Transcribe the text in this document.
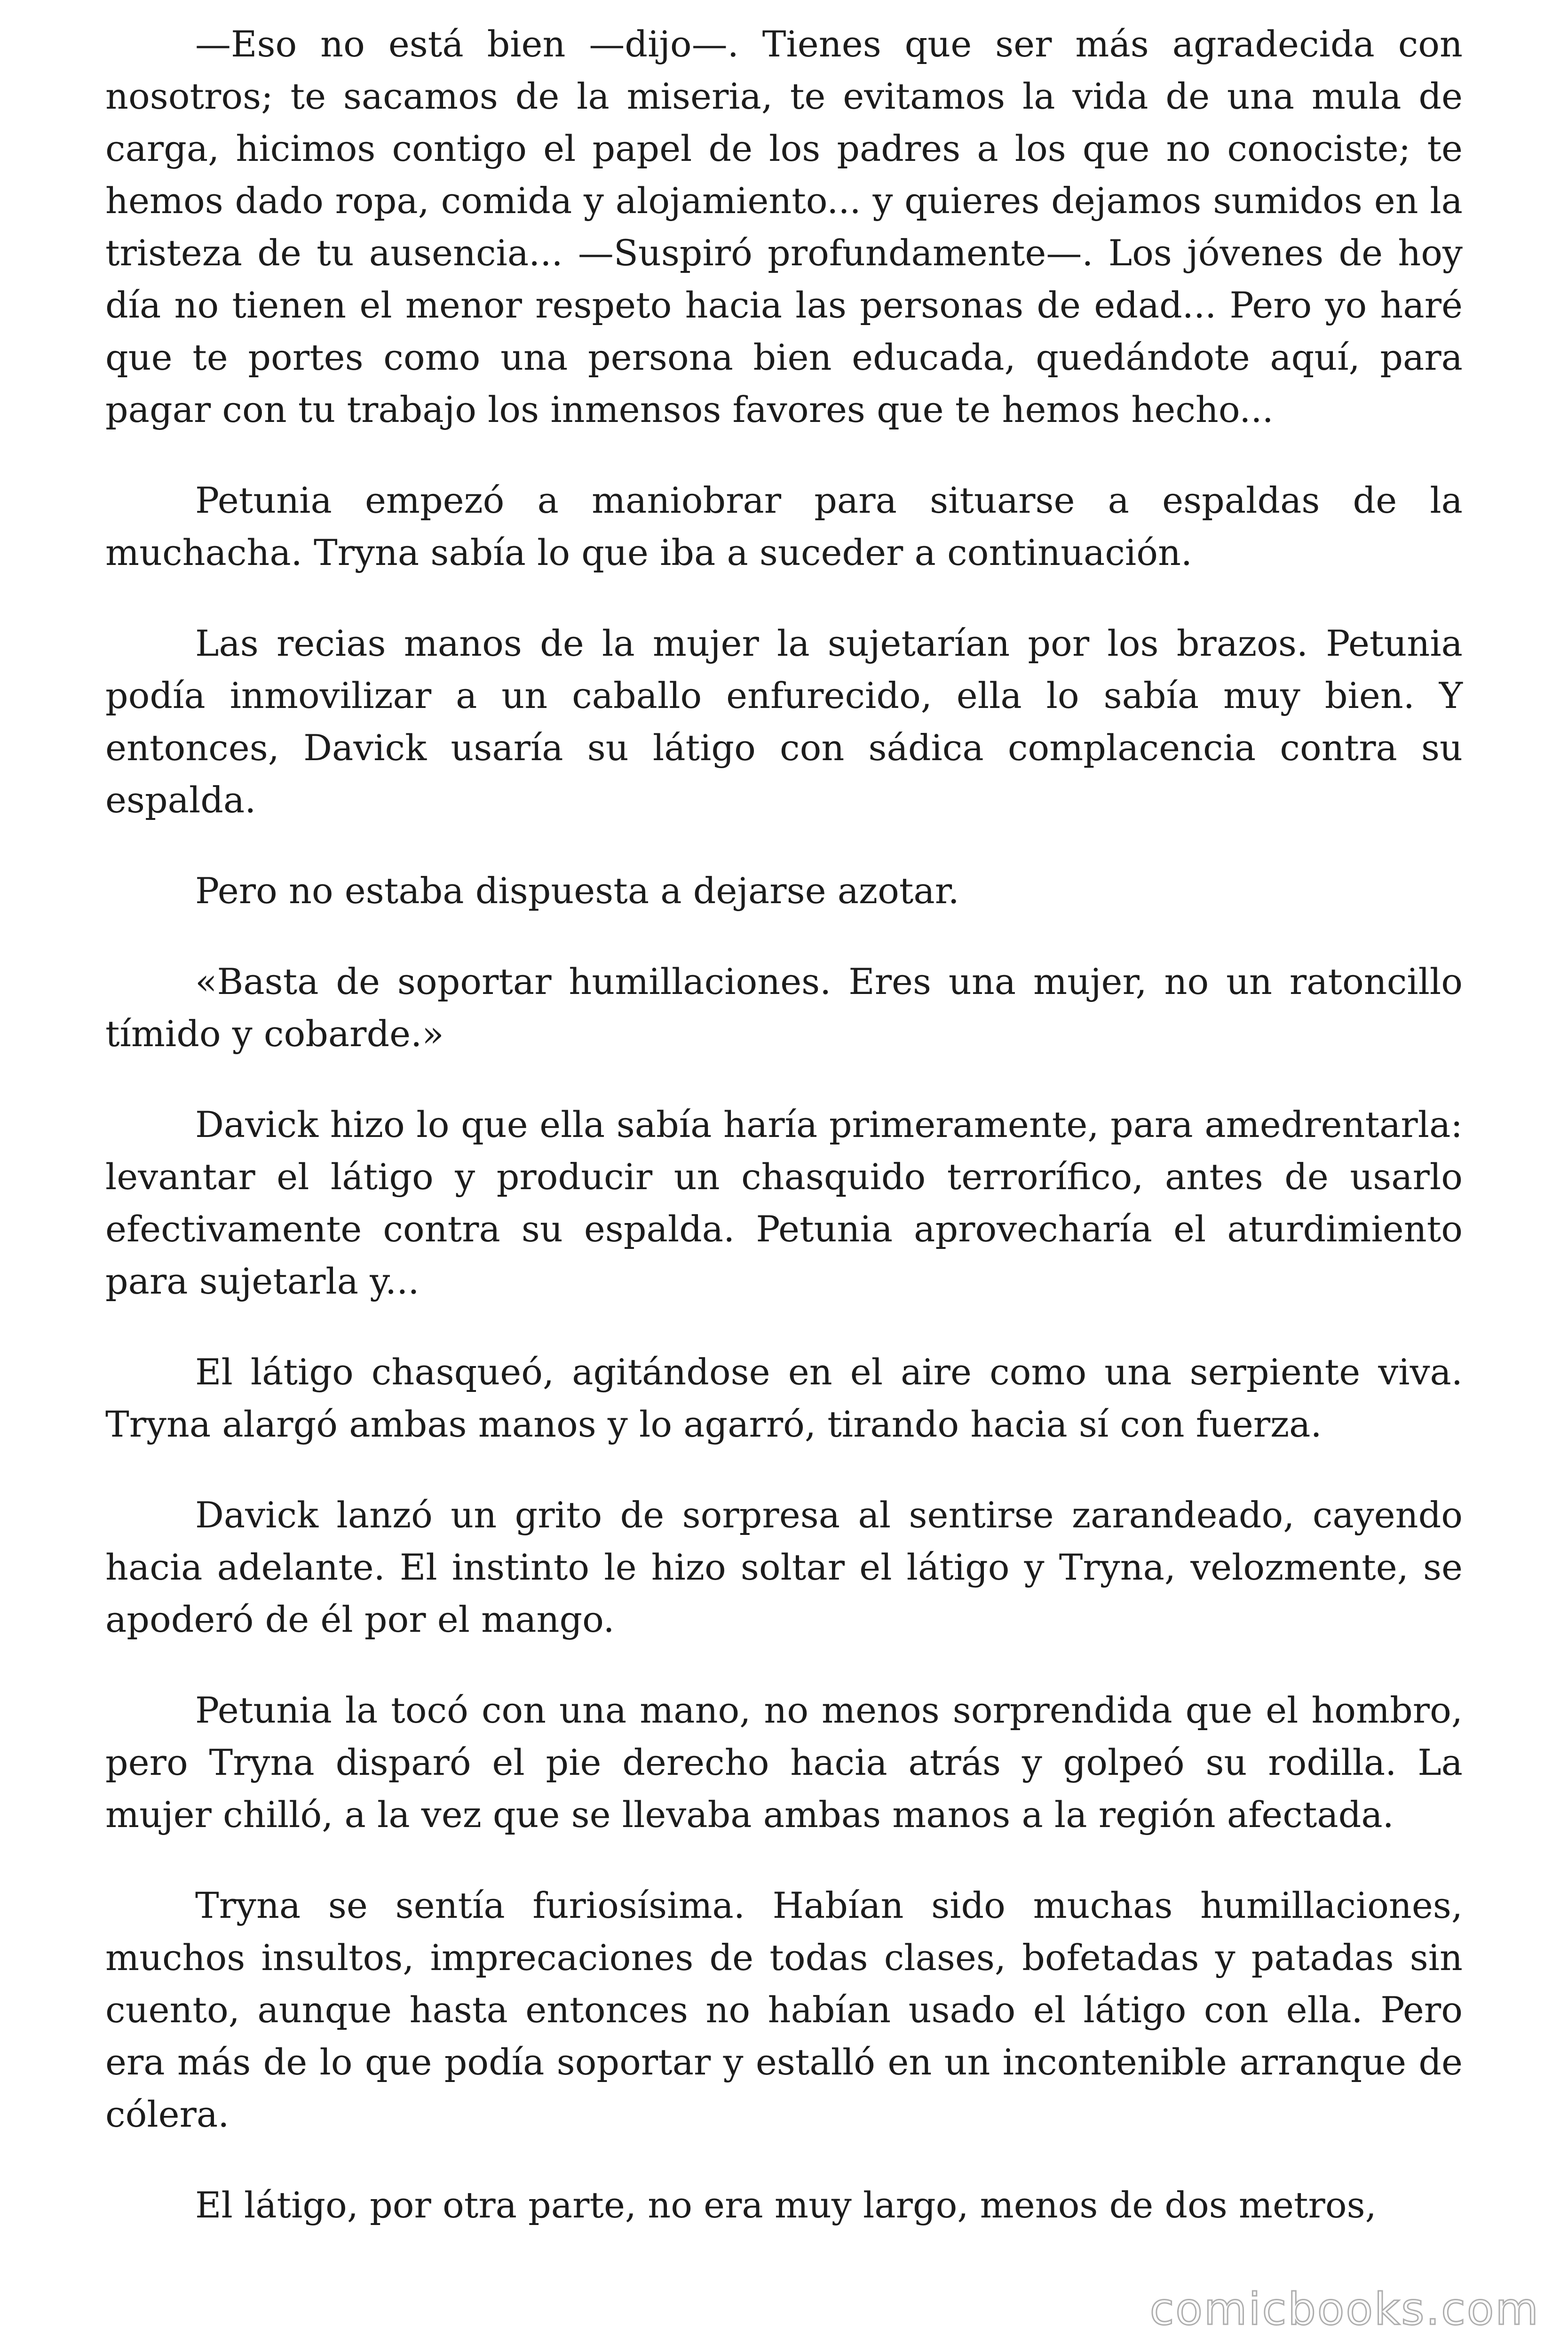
—Eso no está bien —dijo—. Tienes que ser más agradecida con nosotros; te sacamos de la miseria, te evitamos la vida de una mula de carga, hicimos contigo el papel de los padres a los que no conociste; te hemos dado ropa, comida y alojamiento... y quieres dejamos sumidos en la tristeza de tu ausencia... —Suspiró profundamente—. Los jóvenes de hoy día no tienen el menor respeto hacia las personas de edad... Pero yo haré que te portes como una persona bien educada, quedándote aquí, para pagar con tu trabajo los inmensos favores que te hemos hecho...

Petunia empezó a maniobrar para situarse a espaldas de la muchacha. Tryna sabía lo que iba a suceder a continuación.

Las recias manos de la mujer la sujetarían por los brazos. Petunia podía inmovilizar a un caballo enfurecido, ella lo sabía muy bien. Y entonces, Davick usaría su látigo con sádica complacencia contra su espalda.

Pero no estaba dispuesta a dejarse azotar.

«Basta de soportar humillaciones. Eres una mujer, no un ratoncillo tímido y cobarde.»

Davick hizo lo que ella sabía haría primeramente, para amedrentarla: levantar el látigo y producir un chasquido terrorífico, antes de usarlo efectivamente contra su espalda. Petunia aprovecharía el aturdimiento para sujetarla y...

El látigo chasqueó, agitándose en el aire como una serpiente viva. Tryna alargó ambas manos y lo agarró, tirando hacia sí con fuerza.

Davick lanzó un grito de sorpresa al sentirse zarandeado, cayendo hacia adelante. El instinto le hizo soltar el látigo y Tryna, velozmente, se apoderó de él por el mango.

Petunia la tocó con una mano, no menos sorprendida que el hombro, pero Tryna disparó el pie derecho hacia atrás y golpeó su rodilla. La mujer chilló, a la vez que se llevaba ambas manos a la región afectada.

Tryna se sentía furiosísima. Habían sido muchas humillaciones, muchos insultos, imprecaciones de todas clases, bofetadas y patadas sin cuento, aunque hasta entonces no habían usado el látigo con ella. Pero era más de lo que podía soportar y estalló en un incontenible arranque de cólera.

El látigo, por otra parte, no era muy largo, menos de dos metros,

comicbooks.com
